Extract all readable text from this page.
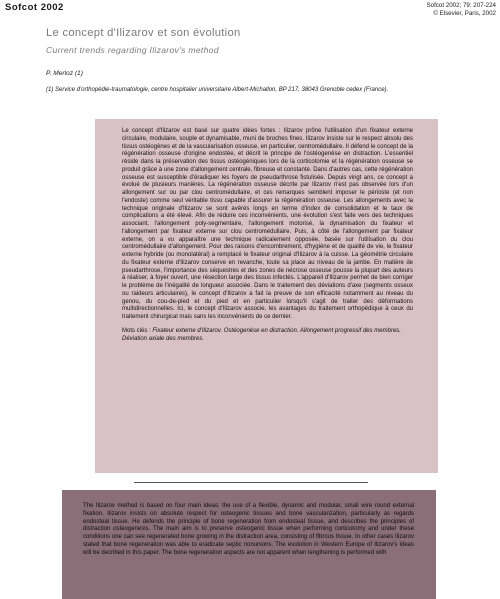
Sofcot 2002	Sofcot 2002; 79: 207-224
© Elsevier, Paris, 2002
Le concept d'Ilizarov et son évolution
Current trends regarding Ilizarov's method
P. Merloz (1)
(1) Service d'orthopédie-traumatologie, centre hospitalier universitaire Albert-Michallon, BP 217, 38043 Grenoble cedex (France).

Le concept d'Ilizarov est basé sur quatre idées fortes : Ilizarov prône l'utilisation d'un fixateur externe circulaire, modulaire, souple et dynamisable, muni de broches fines. Ilizarov insiste sur le respect absolu des tissus ostéogènes et de la vascularisation osseuse, en particulier, centromédullaire. Il défend le concept de la régénération osseuse d'origine endostée, et décrit le principe de l'ostéogenèse en distraction. L'essentiel réside dans la préservation des tissus ostéogéniques lors de la corticotomie et la régénération osseuse se produit grâce à une zone d'allongement centrale, fibreuse et constante. Dans d'autres cas, cette régénération osseuse est susceptible d'éradiquer les foyers de pseudarthrose fistulisée. Depuis vingt ans, ce concept a évolué de plusieurs manières. La régénération osseuse décrite par Ilizarov n'est pas observée lors d'un allongement sur ou par clou centromédullaire, et ces remarques semblent imposer le périoste (et non l'endoste) comme seul véritable tissu capable d'assurer la régénération osseuse. Les allongements avec la technique originale d'Ilizarov se sont avérés longs en terme d'index de consolidation et le taux de complications a été élevé. Afin de réduire ces inconvénients, une évolution s'est faite vers des techniques associant, l'allongement poly-segmentaire, l'allongement motorisé, la dynamisation du fixateur et l'allongement par fixateur externe sur clou centromédullaire. Puis, à côté de l'allongement par fixateur externe, on a vu apparaître une technique radicalement opposée, basée sur l'utilisation du clou centromédullaire d'allongement. Pour des raisons d'encombrement, d'hygiène et de qualité de vie, le fixateur externe hybride (ou monolatéral) a remplacé le fixateur original d'Ilizarov à la cuisse. La géométrie circulaire du fixateur externe d'Ilizarov conserve en revanche, toute sa place au niveau de la jambe. En matière de pseudarthrose, l'importance des séquestres et des zones de nécrose osseuse pousse la plupart des auteurs à réaliser, à foyer ouvert, une résection large des tissus infectés. L'appareil d'Ilizarov permet de bien corriger le problème de l'inégalité de longueur associée. Dans le traitement des déviations d'axe (segments osseux ou raideurs articulaires), le concept d'Ilizarov a fait la preuve de son efficacité notamment au niveau du genou, du cou-de-pied et du pied et en particulier lorsqu'il s'agit de traiter des déformations multidirectionnelles. Ici, le concept d'Ilizarov associe, les avantages du traitement orthopédique à ceux du traitement chirurgical mais sans les inconvénients de ce dernier.

Mots clés : Fixateur externe d'Ilizarov. Ostéogenèse en distraction. Allongement progressif des membres. Déviation axiale des membres.

The Ilizarov method is based on four main ideas: the use of a flexible, dynamic and modular, small wire round external fixation. Ilizarov insists on absolute respect for osteogenic tissues and bone vascularization, particularly as regards endosteal tissue. He defends the principle of bone regeneration from endosteal tissue, and describes the principles of distraction osteogenesis. The main aim is to preserve osteogenic tissue when performing corticotomy and under these conditions one can see regenerated bone growing in the distraction area, consisting of fibrous tissue. In other cases Ilizarov stated that bone regeneration was able to eradicate septic nonunions. The evolution in Western Europe of Ilizarov's ideas will be decribed in this paper. The bone regeneration aspects are not apparent when lengthening is performed with
